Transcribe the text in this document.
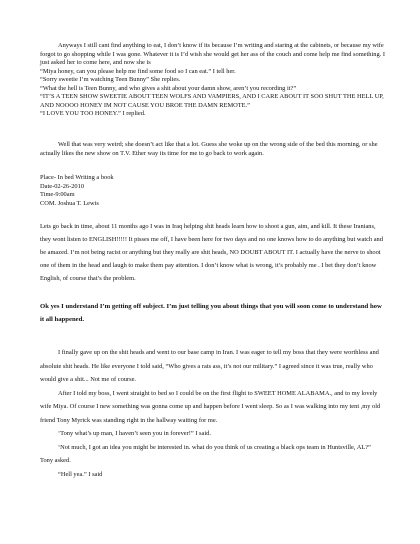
Anyways I still cant find anything to eat, I don’t know if its because I’m writing and staring at the cabinets, or because my wife forgot to go shopping while I was gone. Whatever it is I’d wish she would get her ass of the couch and come help me find something. I just asked her to come here, and now she is

“Miya honey, can you please help me find some food so I can eat.” I tell her.

“Sorry sweetie I’m watching Teen Bunny” She replies.

“What the hell is Teen Bunny, and who gives a shit about your damn show, aren’t you recording it?”

“IT’S A TEEN SHOW SWEETIE ABOUT TEEN WOLFS AND VAMPIERS, AND I CARE ABOUT IT SOO SHUT THE HELL UP, AND NOOOO HONEY IM NOT CAUSE YOU BROE THE DAMN REMOTE.”

“I LOVE YOU TOO HONEY.” I replied.

Well that was very weird; she doesn’t act like that a lot. Guess she woke up on the wrong side of the bed this morning, or she actually likes the new show on T.V. Ether way its time for me to go back to work again.

Place- In bed Writing a book

Date-02-26-2010

Time-9:00am

COM. Joshua T. Lewis

Lets go back in time, about 11 months ago I was in Iraq helping shit heads learn how to shoot a gun, aim, and kill. It these Iranians, they wont listen to ENGLISH!!!!! It pisses me off, I have been here for two days and no one knows how to do anything but watch and be amazed. I’m not being racist or anything but they really are shit heads, NO DOUBT ABOUT IT. I actually have the nerve to shoot one of them in the head and laugh to make them pay attention. I don’t know what is wrong, it’s probably me . I bet they don’t know English, of course that’s the problem.

Ok yes I understand I’m getting off subject. I’m just telling you about things that you will soon come to understand how it all happened.

I finally gave up on the shit heads and went to our base camp in Iran. I was eager to tell my boss that they were worthless and absolute shit heads. He like everyone I told said, “Who gives a rats ass, it’s not our military.” I agreed since it was true, really who would give a shit... Not me of course.

After I told my boss, I went straight to bed so I could be on the first flight to SWEET HOME ALABAMA., and to my lovely wife Miya. Of course I new something was gonna come up and happen before I went sleep. So as I was walking into my tent ,my old friend Tony Myrick was standing right in the hallway waiting for me.

‘Tony what’s up man, I haven’t seen you in forever!” I said.

‘Not much, I got an idea you might be interested in. what do you think of us creating a black ops team in Huntsville, AL?” Tony asked.

“Hell yea.” I said
